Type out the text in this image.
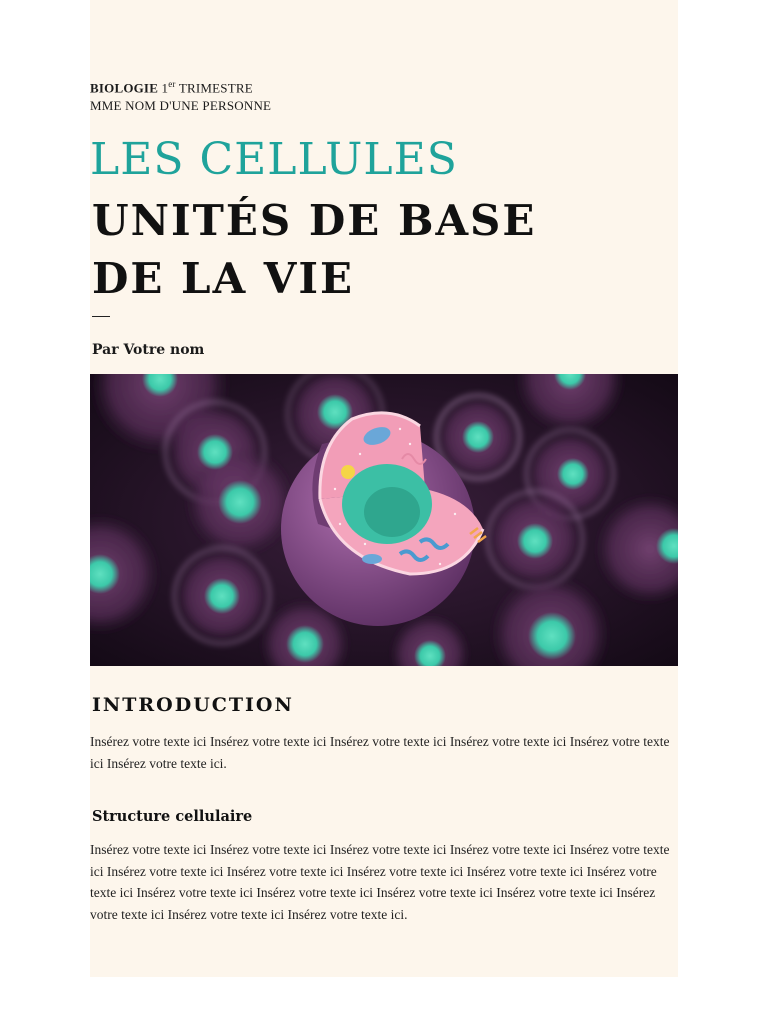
BIOLOGIE 1er TRIMESTRE
MME NOM D'UNE PERSONNE
LES CELLULES
UNITÉS DE BASE
DE LA VIE
Par Votre nom
INTRODUCTION
Insérez votre texte ici Insérez votre texte ici Insérez votre texte ici Insérez votre texte ici Insérez votre texte ici Insérez votre texte ici.
Structure cellulaire
Insérez votre texte ici Insérez votre texte ici Insérez votre texte ici Insérez votre texte ici Insérez votre texte ici Insérez votre texte ici Insérez votre texte ici Insérez votre texte ici Insérez votre texte ici Insérez votre texte ici Insérez votre texte ici Insérez votre texte ici Insérez votre texte ici Insérez votre texte ici Insérez votre texte ici Insérez votre texte ici Insérez votre texte ici.
